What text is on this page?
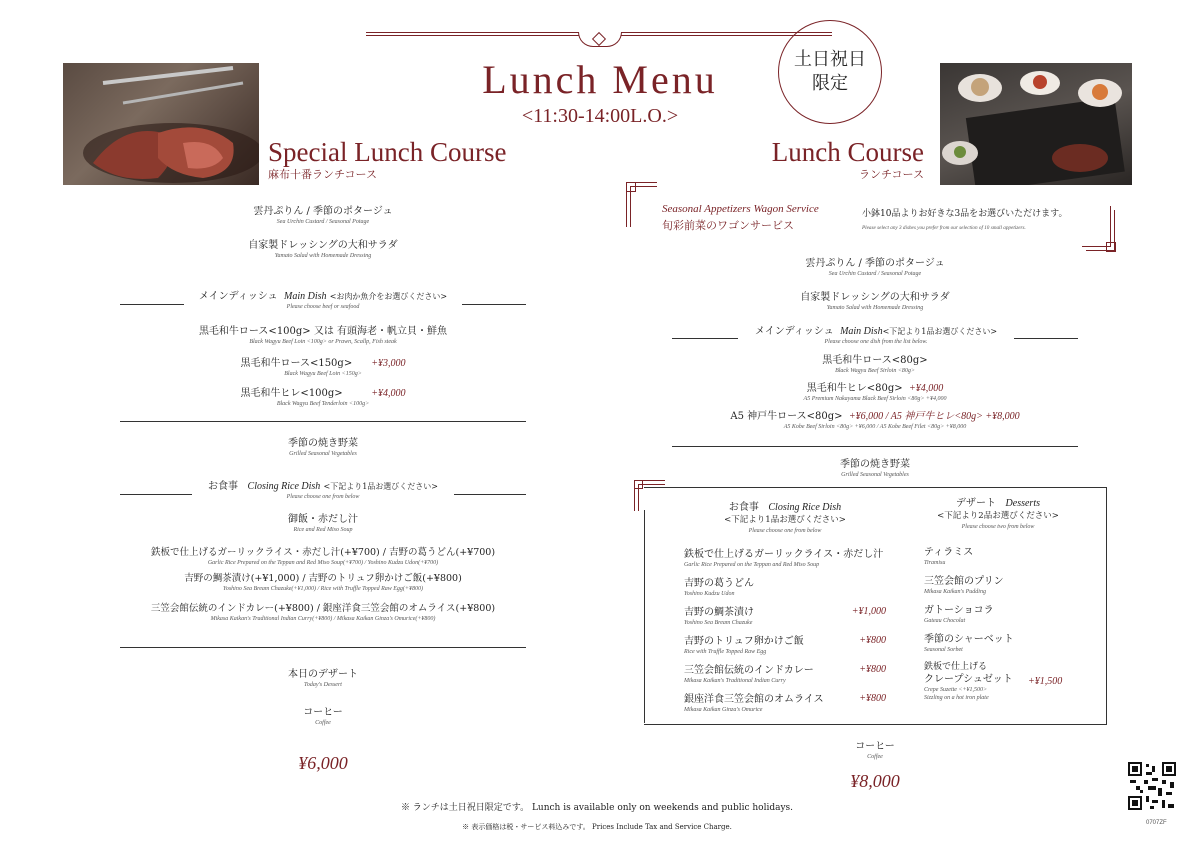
Lunch Menu
<11:30-14:00L.O.>
土日祝日
限定
Special Lunch Course
麻布十番ランチコース
雲丹ぷりん / 季節のポタージュ
Sea Urchin Custard / Seasonal Potage
自家製ドレッシングの大和サラダ
Yamato Salad with Homemade Dressing
メインディッシュ Main Dish <お肉か魚介をお選びください>
Please choose beef or seafood
黒毛和牛ロース<100g> 又は 有頭海老・帆立貝・鮮魚
Black Wagyu Beef Loin <100g> or Prawn, Scallp, Fish steak
黒毛和牛ロース<150g> +¥3,000
Black Wagyu Beef Loin <150g>
黒毛和牛ヒレ<100g>	+¥4,000
Black Wagyu Beef Tenderloin <100g>
季節の焼き野菜
Grilled Seasonal Vegetables
お食事 Closing Rice Dish <下記より1品お選びください>
Please choose one from below
御飯・赤だし汁
Rice and Red Miso Soup
鉄板で仕上げるガーリックライス・赤だし汁(+¥700) / 吉野の葛うどん(+¥700)
Garlic Rice Prepared on the Teppan and Red Miso Soup(+¥700) / Yoshino Kudzu Udon(+¥700)
吉野の鯛茶漬け(+¥1,000) / 吉野のトリュフ卵かけご飯(+¥800)
Yoshino Sea Bream Chazuke(+¥1,000) / Rice with Truffle Topped Raw Egg(+¥800)
三笠会館伝統のインドカレー(+¥800) / 銀座洋食三笠会館のオムライス(+¥800)
Mikasa Kaikan's Traditional Indian Curry(+¥800) / Mikasa Kaikan Ginza's Omurice(+¥800)
本日のデザート
Today's Dessert
コーヒー
Coffee
¥6,000
Lunch Course
ランチコース
Seasonal Appetizers Wagon Service
旬彩前菜のワゴンサービス
小鉢10品よりお好きな3品をお選びいただけます。
Please select any 3 dishes you prefer from our selection of 10 small appetizers.
雲丹ぷりん / 季節のポタージュ
Sea Urchin Custard / Seasonal Potage
自家製ドレッシングの大和サラダ
Yamato Salad with Homemade Dressing
メインディッシュ Main Dish<下記より1品お選びください>
Please choose one dish from the list below.
黒毛和牛ロース<80g>
Black Wagyu Beef Sirloin <80g>
黒毛和牛ヒレ<80g> +¥4,000
A5 Premium Nakayama Black Beef Sirloin <80g> +¥4,000
A5 神戸牛ロース<80g> +¥6,000 / A5 神戸牛ヒレ<80g> +¥8,000
A5 Kobe Beef Sirloin <80g> +¥6,000 / A5 Kobe Beef Filet <80g> +¥8,000
季節の焼き野菜
Grilled Seasonal Vegetables
お食事 Closing Rice Dish
<下記より1品お選びください>
Please choose one from below
鉄板で仕上げるガーリックライス・赤だし汁
Garlic Rice Prepared on the Teppan and Red Miso Soup
吉野の葛うどん
Yoshino Kudzu Udon
吉野の鯛茶漬け
Yoshino Sea Bream Chazuke
+¥1,000
吉野のトリュフ卵かけご飯
Rice with Truffle Topped Raw Egg
+¥800
三笠会館伝統のインドカレー
Mikasa Kaikan's Traditional Indian Curry
+¥800
銀座洋食三笠会館のオムライス
Mikasa Kaikan Ginza's Omurice
+¥800
デザート Desserts
<下記より2品お選びください>
Please choose two from below
ティラミス
Tiramisu
三笠会館のプリン
Mikasa Kaikan's Pudding
ガトーショコラ
Gateau Chocolat
季節のシャーベット
Seasonal Sorbet
鉄板で仕上げる
クレープシュゼット
Crepe Suzette <+¥1,500>
Sizzling on a hot iron plate
+¥1,500
コーヒー
Coffee
¥8,000
※ ランチは土日祝日限定です。 Lunch is available only on weekends and public holidays.
※ 表示価格は税・サービス料込みです。 Prices Include Tax and Service Charge.	0707ZF
